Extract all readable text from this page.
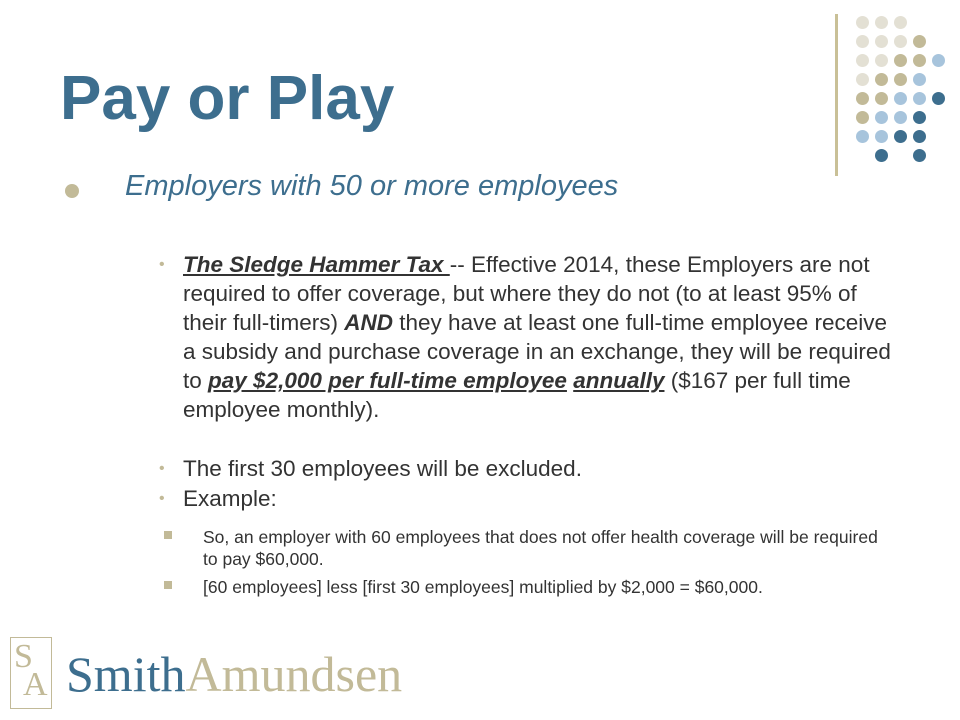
Pay or Play
Employers with 50 or more employees
• The Sledge Hammer Tax -- Effective 2014, these Employers are not required to offer coverage, but where they do not (to at least 95% of their full-timers) AND they have at least one full-time employee receive a subsidy and purchase coverage in an exchange, they will be required to pay $2,000 per full-time employee annually ($167 per full time employee monthly).
• The first 30 employees will be excluded.
• Example:
So, an employer with 60 employees that does not offer health coverage will be required to pay $60,000.
[60 employees] less [first 30 employees] multiplied by $2,000 = $60,000.
S
A SmithAmundsen
